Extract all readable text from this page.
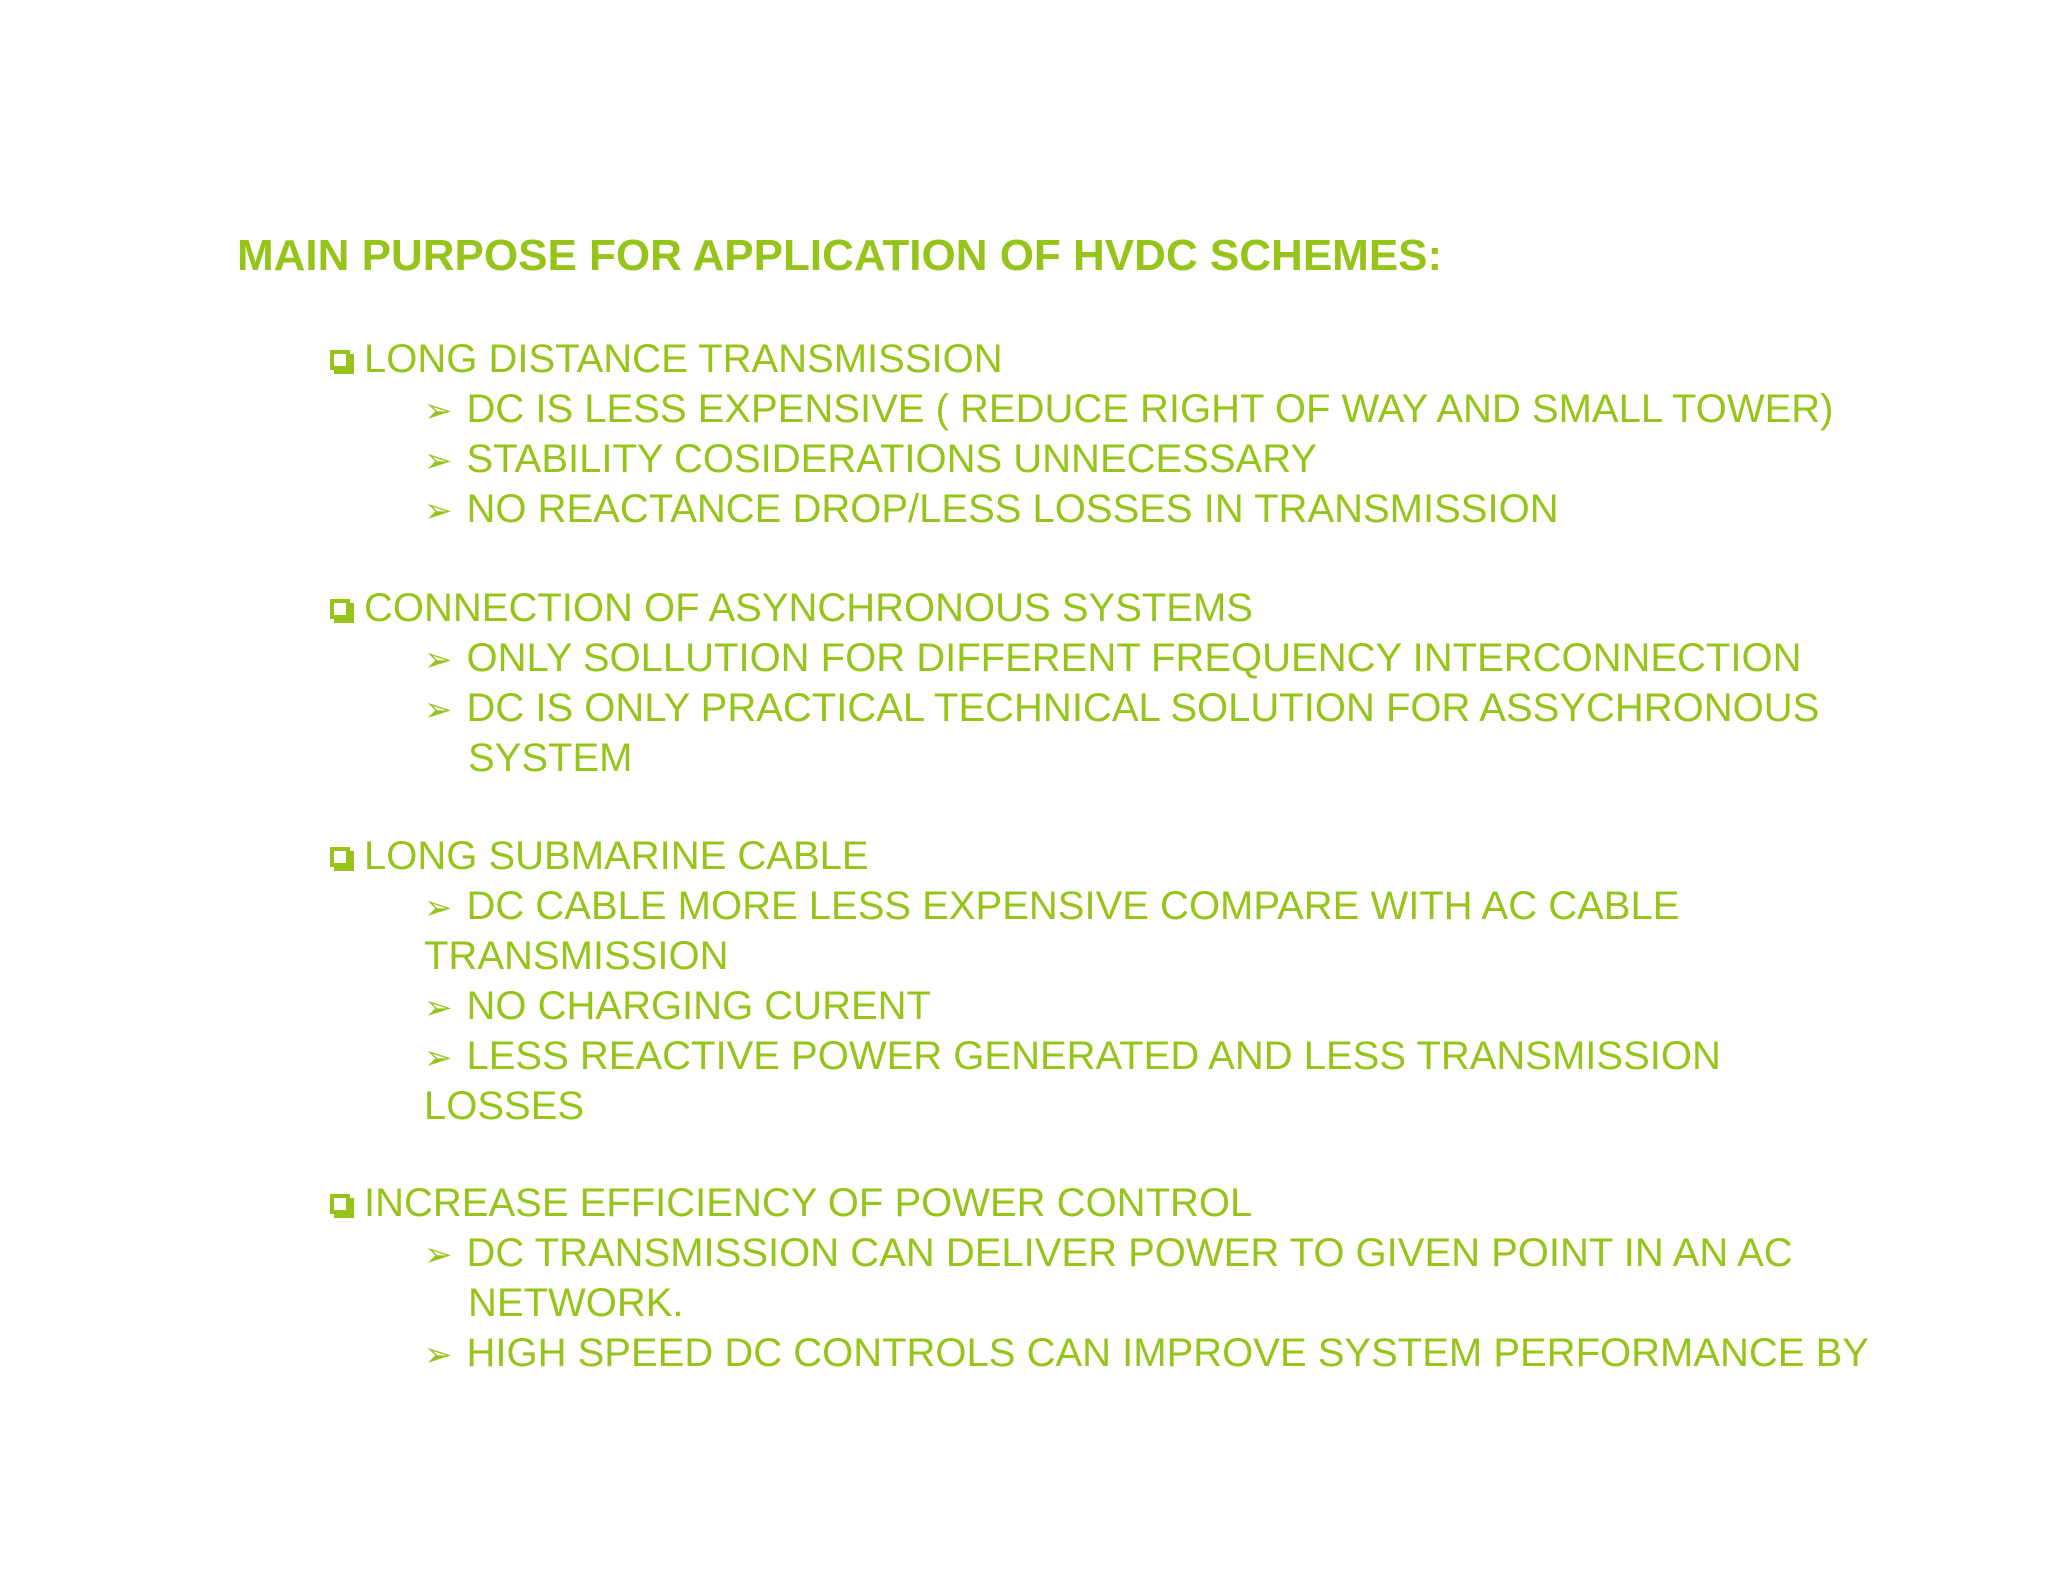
MAIN PURPOSE FOR APPLICATION OF HVDC SCHEMES:
LONG DISTANCE TRANSMISSION
➢ DC IS LESS EXPENSIVE ( REDUCE RIGHT OF WAY AND SMALL TOWER)
➢ STABILITY COSIDERATIONS UNNECESSARY
➢ NO REACTANCE DROP/LESS LOSSES IN TRANSMISSION
CONNECTION OF ASYNCHRONOUS SYSTEMS
➢ ONLY SOLLUTION FOR DIFFERENT FREQUENCY INTERCONNECTION
➢ DC IS ONLY PRACTICAL TECHNICAL SOLUTION FOR ASSYCHRONOUS
SYSTEM
LONG SUBMARINE CABLE
➢ DC CABLE MORE LESS EXPENSIVE COMPARE WITH AC CABLE
TRANSMISSION
➢ NO CHARGING CURENT
➢ LESS REACTIVE POWER GENERATED AND LESS TRANSMISSION
LOSSES
INCREASE EFFICIENCY OF POWER CONTROL
➢ DC TRANSMISSION CAN DELIVER POWER TO GIVEN POINT IN AN AC
NETWORK.
➢ HIGH SPEED DC CONTROLS CAN IMPROVE SYSTEM PERFORMANCE BY
